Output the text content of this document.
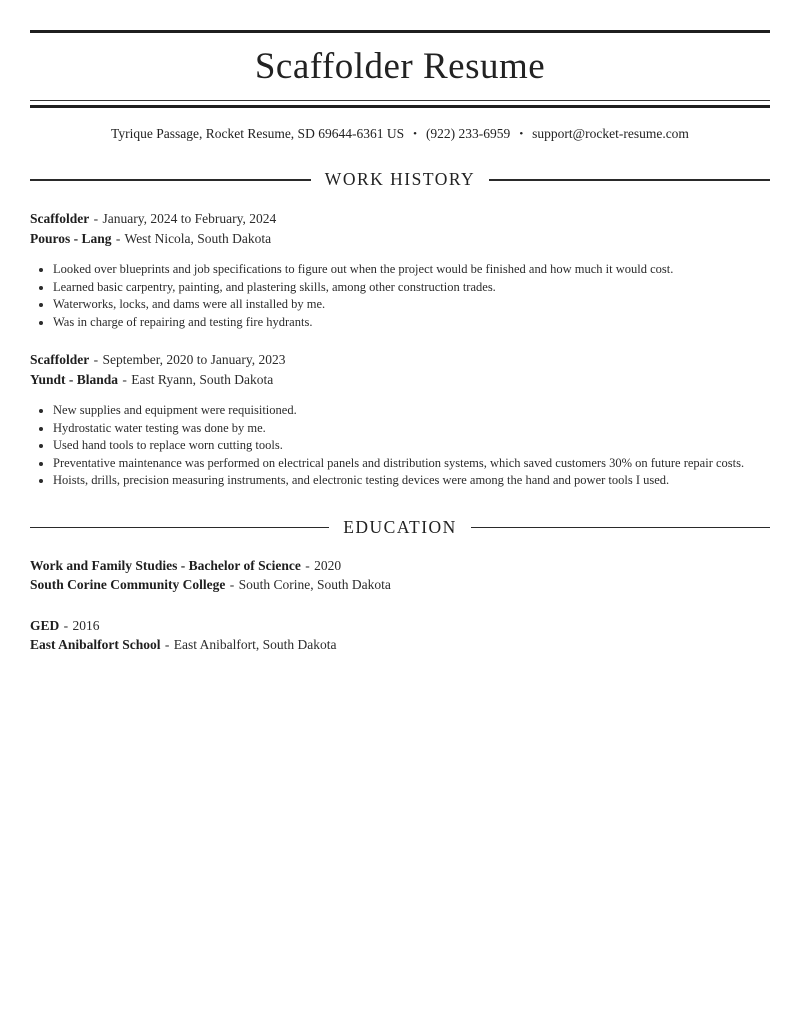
Scaffolder Resume
Tyrique Passage, Rocket Resume, SD 69644-6361 US • (922) 233-6959 • support@rocket-resume.com
WORK HISTORY

Scaffolder - January, 2024 to February, 2024

Pouros - Lang - West Nicola, South Dakota

• Looked over blueprints and job specifications to figure out when the project would be finished and how much it would cost.
• Learned basic carpentry, painting, and plastering skills, among other construction trades.
• Waterworks, locks, and dams were all installed by me.
• Was in charge of repairing and testing fire hydrants.

Scaffolder - September, 2020 to January, 2023

Yundt - Blanda - East Ryann, South Dakota

• New supplies and equipment were requisitioned.
• Hydrostatic water testing was done by me.
• Used hand tools to replace worn cutting tools.
• Preventative maintenance was performed on electrical panels and distribution systems, which saved customers 30% on future repair costs.
• Hoists, drills, precision measuring instruments, and electronic testing devices were among the hand and power tools I used.
EDUCATION

Work and Family Studies - Bachelor of Science - 2020

South Corine Community College - South Corine, South Dakota

GED - 2016

East Anibalfort School - East Anibalfort, South Dakota
